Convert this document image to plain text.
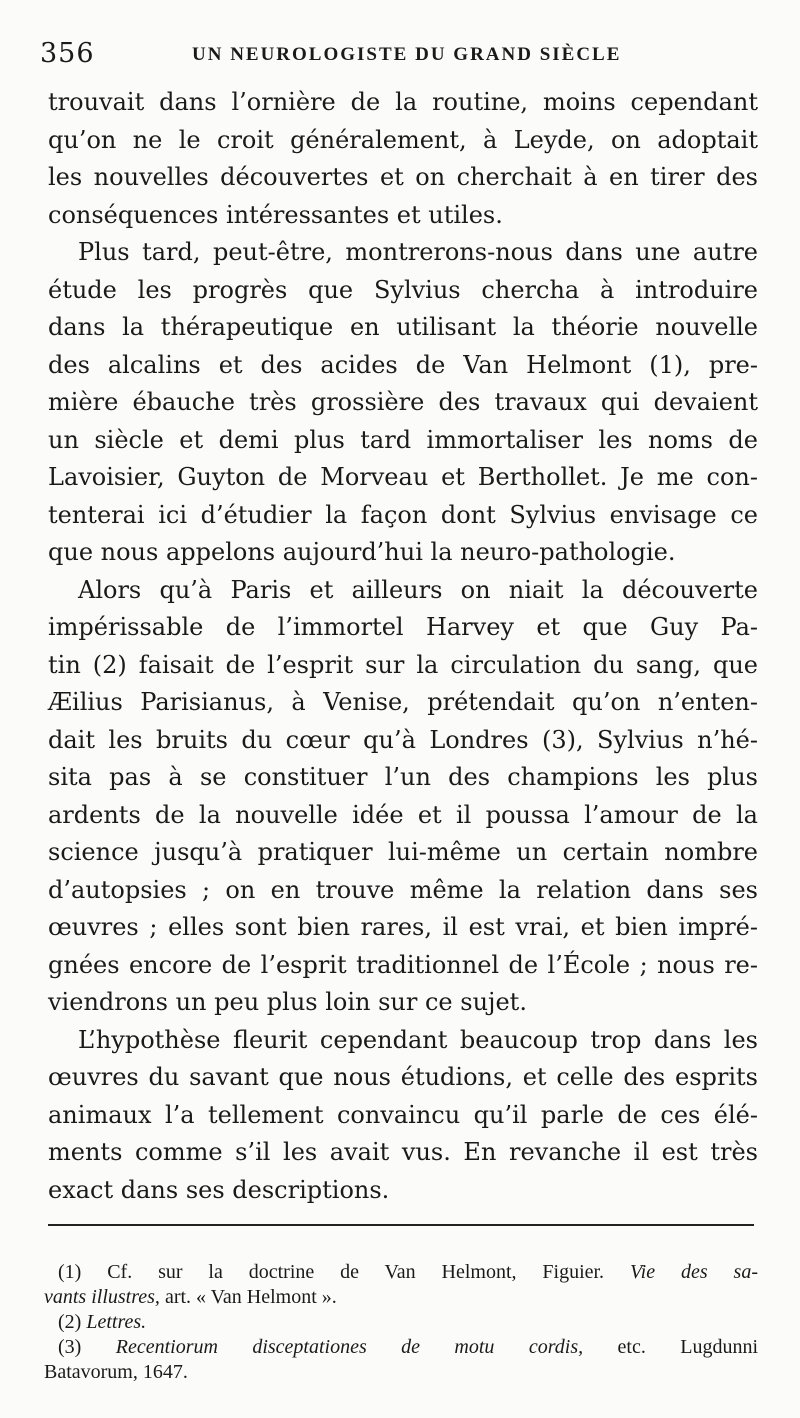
356	UN NEUROLOGISTE DU GRAND SIÈCLE
trouvait dans l’ornière de la routine, moins cependant
qu’on ne le croit généralement, à Leyde, on adoptait
les nouvelles découvertes et on cherchait à en tirer des
conséquences intéressantes et utiles.
Plus tard, peut-être, montrerons-nous dans une autre
étude les progrès que Sylvius chercha à introduire
dans la thérapeutique en utilisant la théorie nouvelle
des alcalins et des acides de Van Helmont (1), pre-
mière ébauche très grossière des travaux qui devaient
un siècle et demi plus tard immortaliser les noms de
Lavoisier, Guyton de Morveau et Berthollet. Je me con-
tenterai ici d’étudier la façon dont Sylvius envisage ce
que nous appelons aujourd’hui la neuro-pathologie.
Alors qu’à Paris et ailleurs on niait la découverte
impérissable de l’immortel Harvey et que Guy Pa-
tin (2) faisait de l’esprit sur la circulation du sang, que
Æilius Parisianus, à Venise, prétendait qu’on n’enten-
dait les bruits du cœur qu’à Londres (3), Sylvius n’hé-
sita pas à se constituer l’un des champions les plus
ardents de la nouvelle idée et il poussa l’amour de la
science jusqu’à pratiquer lui-même un certain nombre
d’autopsies ; on en trouve même la relation dans ses
œuvres ; elles sont bien rares, il est vrai, et bien impré-
gnées encore de l’esprit traditionnel de l’École ; nous re-
viendrons un peu plus loin sur ce sujet.
L’hypothèse fleurit cependant beaucoup trop dans les
œuvres du savant que nous étudions, et celle des esprits
animaux l’a tellement convaincu qu’il parle de ces élé-
ments comme s’il les avait vus. En revanche il est très
exact dans ses descriptions.
(1) Cf. sur la doctrine de Van Helmont, Figuier. Vie des sa-
vants illustres, art. « Van Helmont ».
(2) Lettres.
(3) Recentiorum disceptationes de motu cordis, etc. Lugdunni
Batavorum, 1647.
